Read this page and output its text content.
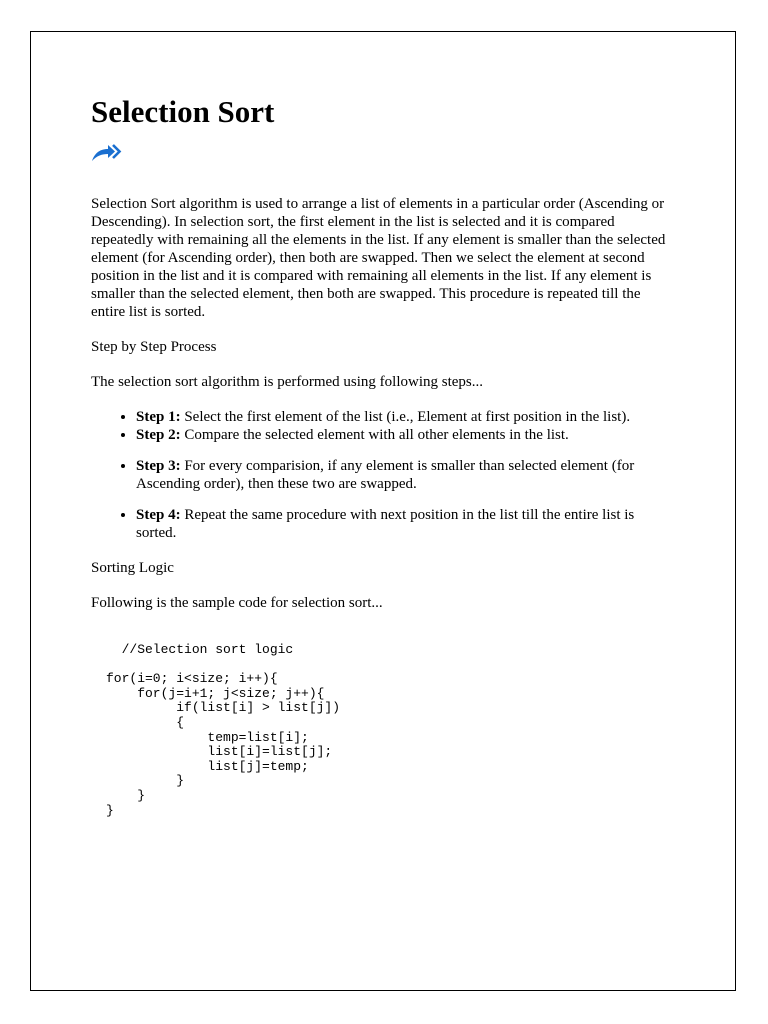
Selection Sort

Selection Sort algorithm is used to arrange a list of elements in a particular order (Ascending or Descending). In selection sort, the first element in the list is selected and it is compared repeatedly with remaining all the elements in the list. If any element is smaller than the selected element (for Ascending order), then both are swapped. Then we select the element at second position in the list and it is compared with remaining all elements in the list. If any element is smaller than the selected element, then both are swapped. This procedure is repeated till the entire list is sorted.

Step by Step Process

The selection sort algorithm is performed using following steps...

• Step 1: Select the first element of the list (i.e., Element at first position in the list).
• Step 2: Compare the selected element with all other elements in the list.
• Step 3: For every comparision, if any element is smaller than selected element (for Ascending order), then these two are swapped.
• Step 4: Repeat the same procedure with next position in the list till the entire list is sorted.

Sorting Logic

Following is the sample code for selection sort...

//Selection sort logic

for(i=0; i<size; i++){
for(j=i+1; j<size; j++){
if(list[i] > list[j])
{
temp=list[i];
list[i]=list[j];
list[j]=temp;
}
}
}
